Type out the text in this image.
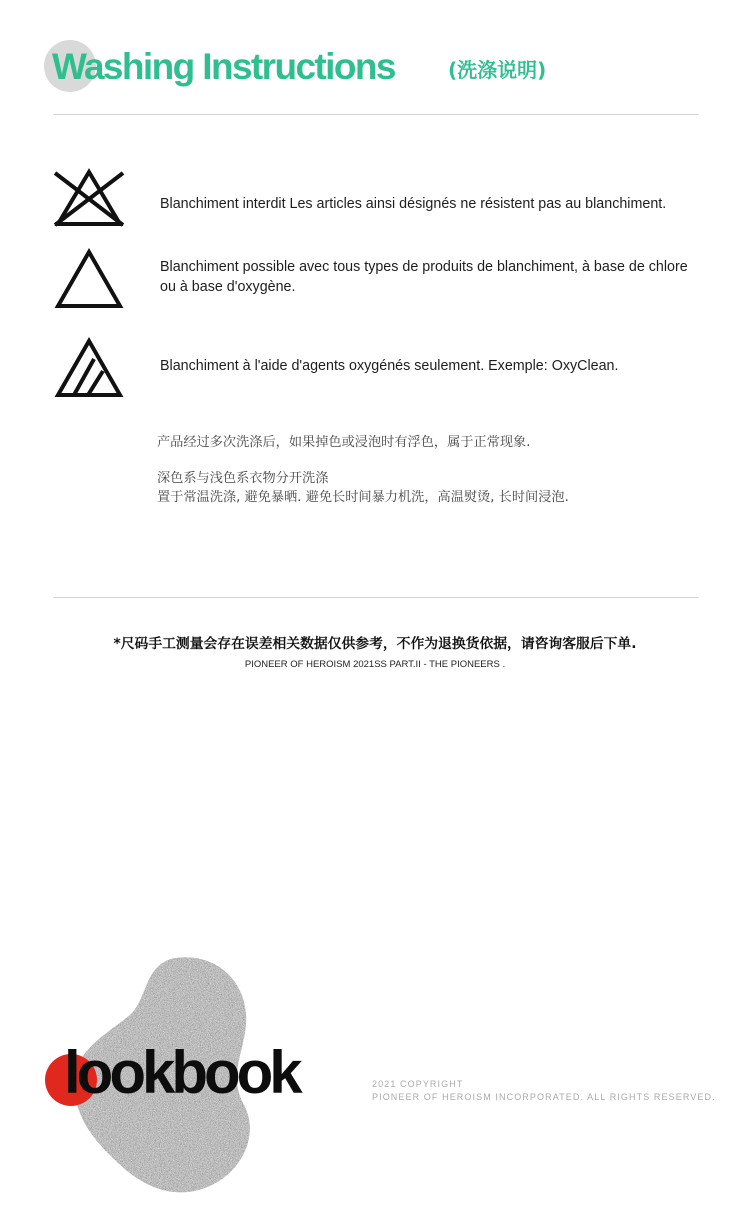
Washing Instructions	(洗涤说明)
Blanchiment interdit Les articles ainsi désignés ne résistent pas au blanchiment.
Blanchiment possible avec tous types de produits de blanchiment, à base de chlore ou à base d'oxygène.
Blanchiment à l'aide d'agents oxygénés seulement. Exemple: OxyClean.
产品经过多次洗涤后，如果掉色或浸泡时有浮色，属于正常现象.
深色系与浅色系衣物分开洗涤
置于常温洗涤, 避免暴晒. 避免长时间暴力机洗，高温熨烫, 长时间浸泡.
*尺码手工测量会存在误差相关数据仅供参考，不作为退换货依据，请咨询客服后下单.
PIONEER OF HEROISM 2021SS PART.II - THE PIONEERS .
lookbook	2021 COPYRIGHT
PIONEER OF HEROISM INCORPORATED. ALL RIGHTS RESERVED.
